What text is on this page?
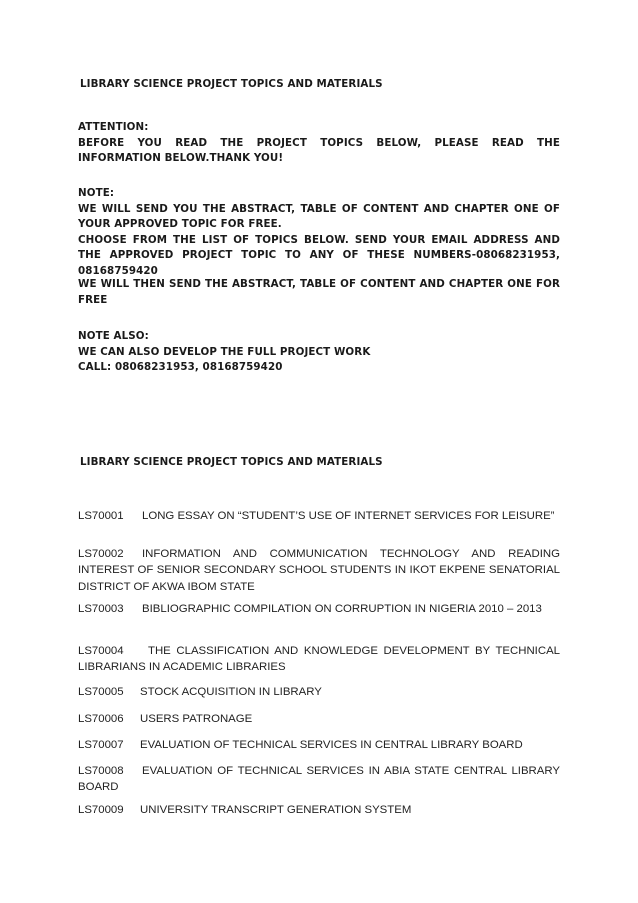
LIBRARY SCIENCE PROJECT TOPICS AND MATERIALS
ATTENTION:
BEFORE YOU READ THE PROJECT TOPICS BELOW, PLEASE READ THE INFORMATION BELOW.THANK YOU!
NOTE:
WE WILL SEND YOU THE ABSTRACT, TABLE OF CONTENT AND CHAPTER ONE OF YOUR APPROVED TOPIC FOR FREE.
CHOOSE FROM THE LIST OF TOPICS BELOW. SEND YOUR EMAIL ADDRESS AND THE APPROVED PROJECT TOPIC TO ANY OF THESE NUMBERS-08068231953, 08168759420
WE WILL THEN SEND THE ABSTRACT, TABLE OF CONTENT AND CHAPTER ONE FOR FREE
NOTE ALSO:
WE CAN ALSO DEVELOP THE FULL PROJECT WORK
CALL: 08068231953, 08168759420
LIBRARY SCIENCE PROJECT TOPICS AND MATERIALS
LS70001 LONG ESSAY ON “STUDENT’S USE OF INTERNET SERVICES FOR LEISURE”
LS70002 INFORMATION AND COMMUNICATION TECHNOLOGY AND READING INTEREST OF SENIOR SECONDARY SCHOOL STUDENTS IN IKOT EKPENE SENATORIAL DISTRICT OF AKWA IBOM STATE
LS70003 BIBLIOGRAPHIC COMPILATION ON CORRUPTION IN NIGERIA 2010 – 2013
LS70004 THE CLASSIFICATION AND KNOWLEDGE DEVELOPMENT BY TECHNICAL LIBRARIANS IN ACADEMIC LIBRARIES
LS70005 STOCK ACQUISITION IN LIBRARY
LS70006 USERS PATRONAGE
LS70007 EVALUATION OF TECHNICAL SERVICES IN CENTRAL LIBRARY BOARD
LS70008 EVALUATION OF TECHNICAL SERVICES IN ABIA STATE CENTRAL LIBRARY BOARD
LS70009 UNIVERSITY TRANSCRIPT GENERATION SYSTEM
